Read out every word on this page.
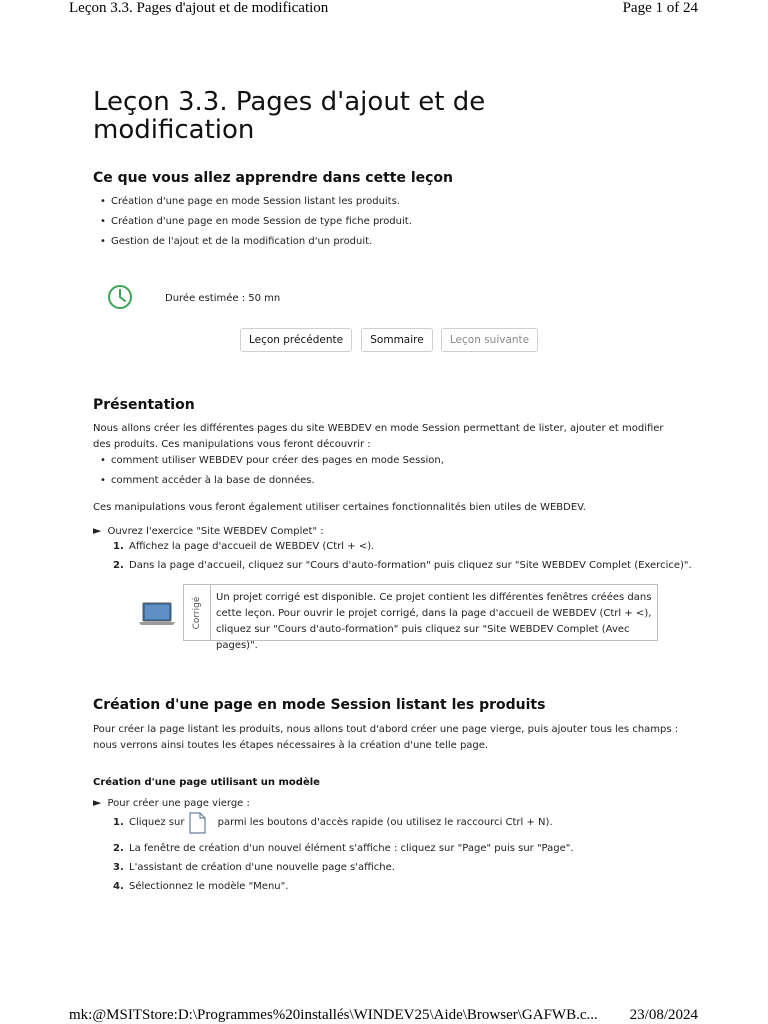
Leçon 3.3. Pages d'ajout et de modification	Page 1 of 24
mk:@MSITStore:D:\Programmes%20installés\WINDEV25\Aide\Browser\GAFWB.c... 23/08/2024
Leçon 3.3. Pages d'ajout et de modification
Ce que vous allez apprendre dans cette leçon
• Création d'une page en mode Session listant les produits.
• Création d'une page en mode Session de type fiche produit.
• Gestion de l'ajout et de la modification d'un produit.
Durée estimée : 50 mn
Leçon précédente	Sommaire	Leçon suivante
Présentation
Nous allons créer les différentes pages du site WEBDEV en mode Session permettant de lister, ajouter et modifier des produits. Ces manipulations vous feront découvrir :
• comment utiliser WEBDEV pour créer des pages en mode Session,
• comment accéder à la base de données.
Ces manipulations vous feront également utiliser certaines fonctionnalités bien utiles de WEBDEV.
► Ouvrez l'exercice "Site WEBDEV Complet" :
1. Affichez la page d'accueil de WEBDEV (Ctrl + <).
2. Dans la page d'accueil, cliquez sur "Cours d'auto-formation" puis cliquez sur "Site WEBDEV Complet (Exercice)".
Corrigé Un projet corrigé est disponible. Ce projet contient les différentes fenêtres créées dans cette leçon. Pour ouvrir le projet corrigé, dans la page d'accueil de WEBDEV (Ctrl + <), cliquez sur "Cours d'auto-formation" puis cliquez sur "Site WEBDEV Complet (Avec pages)".
Création d'une page en mode Session listant les produits
Pour créer la page listant les produits, nous allons tout d'abord créer une page vierge, puis ajouter tous les champs : nous verrons ainsi toutes les étapes nécessaires à la création d'une telle page.
Création d'une page utilisant un modèle
► Pour créer une page vierge :
1. Cliquez sur	parmi les boutons d'accès rapide (ou utilisez le raccourci Ctrl + N).
2. La fenêtre de création d'un nouvel élément s'affiche : cliquez sur "Page" puis sur "Page".
3. L'assistant de création d'une nouvelle page s'affiche.
4. Sélectionnez le modèle "Menu".
